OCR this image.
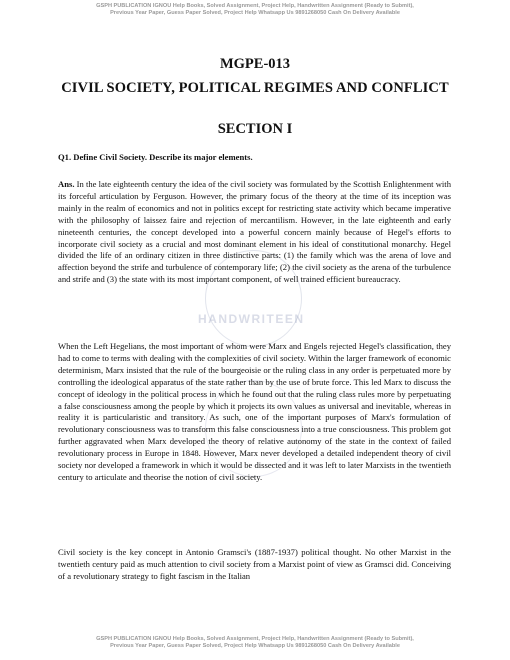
GSPH PUBLICATION IGNOU Help Books, Solved Assignment, Project Help, Handwritten Assignment (Ready to Submit),
Previous Year Paper, Guess Paper Solved, Project Help Whatsapp Us 9891268050 Cash On Delivery Available
HANDWRITEEN
MGPE-013
CIVIL SOCIETY, POLITICAL REGIMES AND CONFLICT
SECTION I
Q1. Define Civil Society. Describe its major elements.
Ans. In the late eighteenth century the idea of the civil society was formulated by the Scottish Enlightenment with its forceful articulation by Ferguson. However, the primary focus of the theory at the time of its inception was mainly in the realm of economics and not in politics except for restricting state activity which became imperative with the philosophy of laissez faire and rejection of mercantilism. However, in the late eighteenth and early nineteenth centuries, the concept developed into a powerful concern mainly because of Hegel's efforts to incorporate civil society as a crucial and most dominant element in his ideal of constitutional monarchy. Hegel divided the life of an ordinary citizen in three distinctive parts: (1) the family which was the arena of love and affection beyond the strife and turbulence of contemporary life; (2) the civil society as the arena of the turbulence and strife and (3) the state with its most important component, of well trained efficient bureaucracy.
When the Left Hegelians, the most important of whom were Marx and Engels rejected Hegel's classification, they had to come to terms with dealing with the complexities of civil society. Within the larger framework of economic determinism, Marx insisted that the rule of the bourgeoisie or the ruling class in any order is perpetuated more by controlling the ideological apparatus of the state rather than by the use of brute force. This led Marx to discuss the concept of ideology in the political process in which he found out that the ruling class rules more by perpetuating a false consciousness among the people by which it projects its own values as universal and inevitable, whereas in reality it is particularistic and transitory. As such, one of the important purposes of Marx's formulation of revolutionary consciousness was to transform this false consciousness into a true consciousness. This problem got further aggravated when Marx developed the theory of relative autonomy of the state in the context of failed revolutionary process in Europe in 1848. However, Marx never developed a detailed independent theory of civil society nor developed a framework in which it would be dissected and it was left to later Marxists in the twentieth century to articulate and theorise the notion of civil society.
Civil society is the key concept in Antonio Gramsci's (1887-1937) political thought. No other Marxist in the twentieth century paid as much attention to civil society from a Marxist point of view as Gramsci did. Conceiving of a revolutionary strategy to fight fascism in the Italian
GSPH PUBLICATION IGNOU Help Books, Solved Assignment, Project Help, Handwritten Assignment (Ready to Submit),
Previous Year Paper, Guess Paper Solved, Project Help Whatsapp Us 9891268050 Cash On Delivery Available
